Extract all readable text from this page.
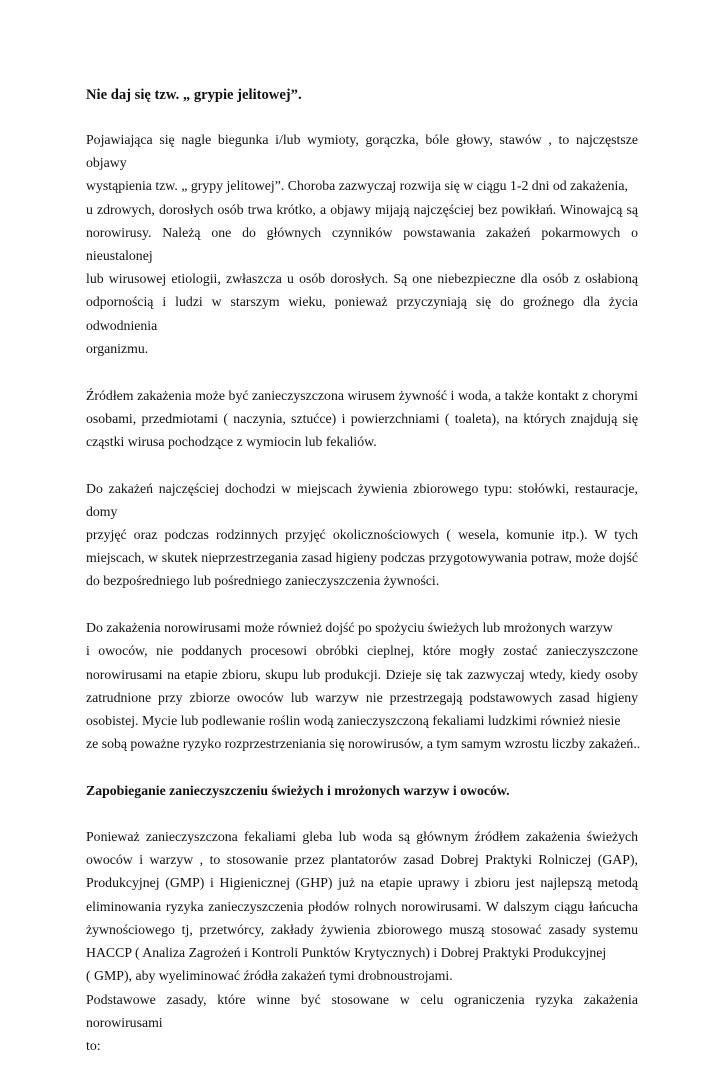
Nie daj się tzw. „ grypie jelitowej”.
Pojawiająca się nagle biegunka i/lub wymioty, gorączka, bóle głowy, stawów , to najczęstsze objawy
wystąpienia tzw. „ grypy jelitowej”. Choroba zazwyczaj rozwija się w ciągu 1-2 dni od zakażenia,
u zdrowych, dorosłych osób trwa krótko, a objawy mijają najczęściej bez powikłań. Winowajcą są
norowirusy. Należą one do głównych czynników powstawania zakażeń pokarmowych o nieustalonej
lub wirusowej etiologii, zwłaszcza u osób dorosłych. Są one niebezpieczne dla osób z osłabioną
odpornością i ludzi w starszym wieku, ponieważ przyczyniają się do groźnego dla życia odwodnienia
organizmu.
Źródłem zakażenia może być zanieczyszczona wirusem żywność i woda, a także kontakt z chorymi
osobami, przedmiotami ( naczynia, sztućce) i powierzchniami ( toaleta), na których znajdują się
cząstki wirusa pochodzące z wymiocin lub fekaliów.
Do zakażeń najczęściej dochodzi w miejscach żywienia zbiorowego typu: stołówki, restauracje, domy
przyjęć oraz podczas rodzinnych przyjęć okolicznościowych ( wesela, komunie itp.). W tych
miejscach, w skutek nieprzestrzegania zasad higieny podczas przygotowywania potraw, może dojść
do bezpośredniego lub pośredniego zanieczyszczenia żywności.
Do zakażenia norowirusami może również dojść po spożyciu świeżych lub mrożonych warzyw
i owoców, nie poddanych procesowi obróbki cieplnej, które mogły zostać zanieczyszczone
norowirusami na etapie zbioru, skupu lub produkcji. Dzieje się tak zazwyczaj wtedy, kiedy osoby
zatrudnione przy zbiorze owoców lub warzyw nie przestrzegają podstawowych zasad higieny
osobistej. Mycie lub podlewanie roślin wodą zanieczyszczoną fekaliami ludzkimi również niesie
ze sobą poważne ryzyko rozprzestrzeniania się norowirusów, a tym samym wzrostu liczby zakażeń..
Zapobieganie zanieczyszczeniu świeżych i mrożonych warzyw i owoców.
Ponieważ zanieczyszczona fekaliami gleba lub woda są głównym źródłem zakażenia świeżych
owoców i warzyw , to stosowanie przez plantatorów zasad Dobrej Praktyki Rolniczej (GAP),
Produkcyjnej (GMP) i Higienicznej (GHP) już na etapie uprawy i zbioru jest najlepszą metodą
eliminowania ryzyka zanieczyszczenia płodów rolnych norowirusami. W dalszym ciągu łańcucha
żywnościowego tj, przetwórcy, zakłady żywienia zbiorowego muszą stosować zasady systemu
HACCP ( Analiza Zagrożeń i Kontroli Punktów Krytycznych) i Dobrej Praktyki Produkcyjnej
( GMP), aby wyeliminować źródła zakażeń tymi drobnoustrojami.
Podstawowe zasady, które winne być stosowane w celu ograniczenia ryzyka zakażenia norowirusami
to:
